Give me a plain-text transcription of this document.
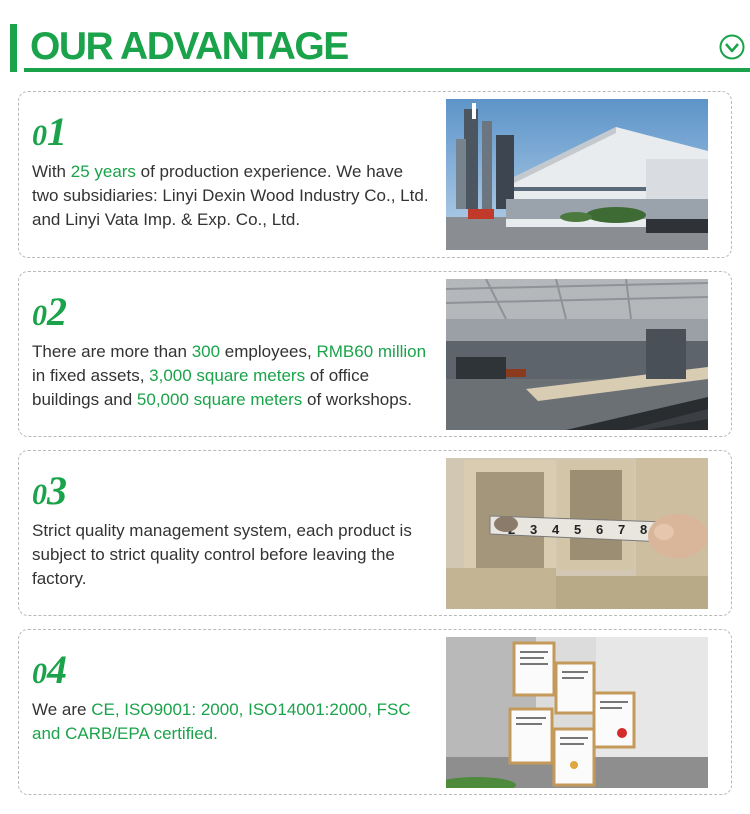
OUR ADVANTAGE
01
With 25 years of production experience. We have two subsidiaries: Linyi Dexin Wood Industry Co., Ltd. and Linyi Vata Imp. & Exp. Co., Ltd.
02
There are more than 300 employees, RMB60 million in fixed assets, 3,000 square meters of office buildings and 50,000 square meters of workshops.
03
Strict quality management system, each product is subject to strict quality control before leaving the factory.
3 4 5 6 7 8
04
We are CE, ISO9001: 2000, ISO14001:2000, FSC and CARB/EPA certified.
